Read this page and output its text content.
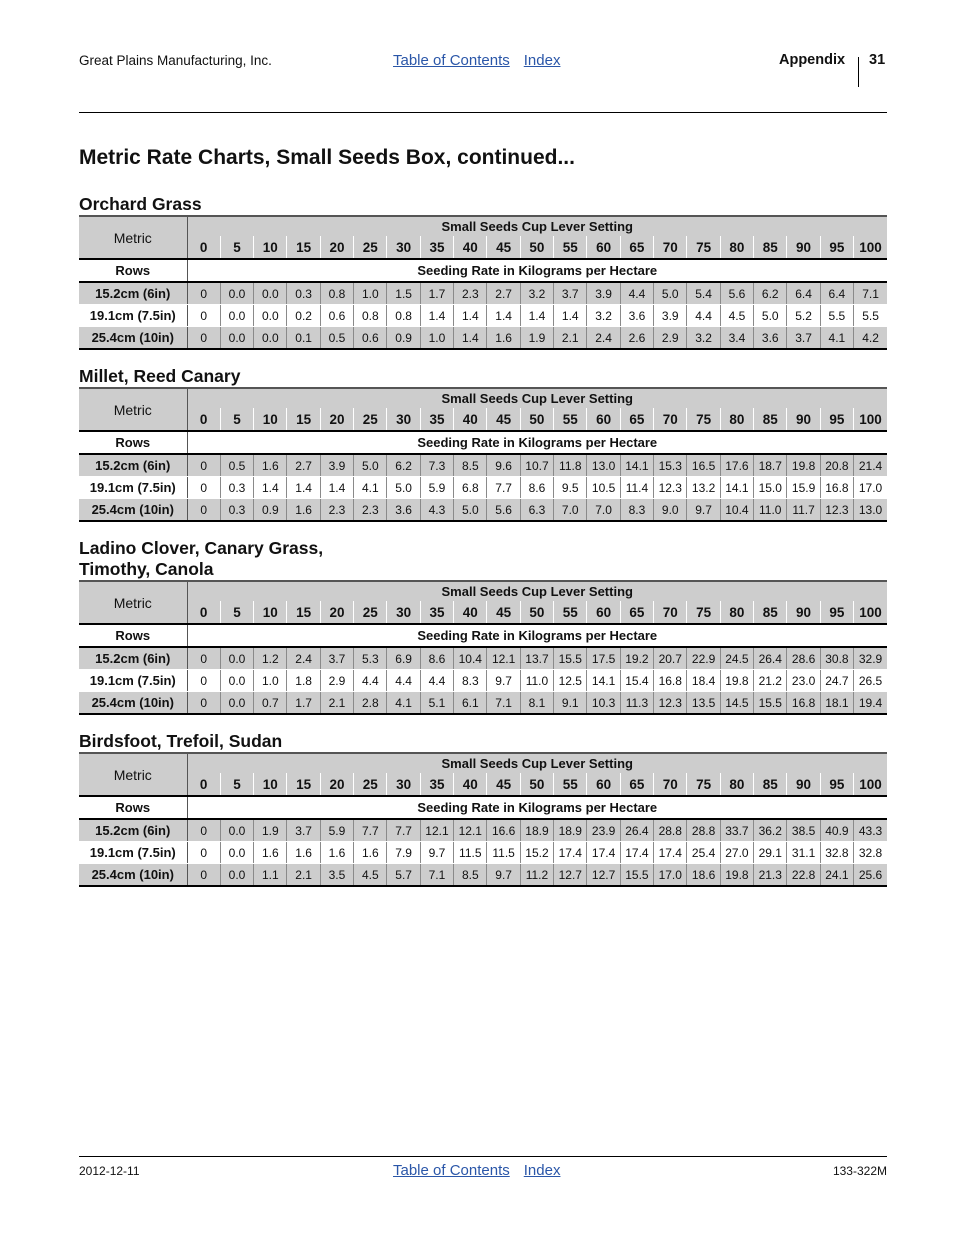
Great Plains Manufacturing, Inc.	Table of Contents Index	Appendix 31
Metric Rate Charts, Small Seeds Box, continued...
Orchard Grass
Metric	Small Seeds Cup Lever Setting																				
	0	5	10	15	20	25	30	35	40	45	50	55	60	65	70	75	80	85	90	95	100
Rows	Seeding Rate in Kilograms per Hectare																				
15.2cm (6in)	0	0.0	0.0	0.3	0.8	1.0	1.5	1.7	2.3	2.7	3.2	3.7	3.9	4.4	5.0	5.4	5.6	6.2	6.4	6.4	7.1
19.1cm (7.5in)	0	0.0	0.0	0.2	0.6	0.8	0.8	1.4	1.4	1.4	1.4	1.4	3.2	3.6	3.9	4.4	4.5	5.0	5.2	5.5	5.5
25.4cm (10in)	0	0.0	0.0	0.1	0.5	0.6	0.9	1.0	1.4	1.6	1.9	2.1	2.4	2.6	2.9	3.2	3.4	3.6	3.7	4.1	4.2
Millet, Reed Canary
Metric	Small Seeds Cup Lever Setting																				
	0	5	10	15	20	25	30	35	40	45	50	55	60	65	70	75	80	85	90	95	100
Rows	Seeding Rate in Kilograms per Hectare																				
15.2cm (6in)	0	0.5	1.6	2.7	3.9	5.0	6.2	7.3	8.5	9.6	10.7	11.8	13.0	14.1	15.3	16.5	17.6	18.7	19.8	20.8	21.4
19.1cm (7.5in)	0	0.3	1.4	1.4	1.4	4.1	5.0	5.9	6.8	7.7	8.6	9.5	10.5	11.4	12.3	13.2	14.1	15.0	15.9	16.8	17.0
25.4cm (10in)	0	0.3	0.9	1.6	2.3	2.3	3.6	4.3	5.0	5.6	6.3	7.0	7.0	8.3	9.0	9.7	10.4	11.0	11.7	12.3	13.0
Ladino Clover, Canary Grass,
Timothy, Canola
Metric	Small Seeds Cup Lever Setting																				
	0	5	10	15	20	25	30	35	40	45	50	55	60	65	70	75	80	85	90	95	100
Rows	Seeding Rate in Kilograms per Hectare																				
15.2cm (6in)	0	0.0	1.2	2.4	3.7	5.3	6.9	8.6	10.4	12.1	13.7	15.5	17.5	19.2	20.7	22.9	24.5	26.4	28.6	30.8	32.9
19.1cm (7.5in)	0	0.0	1.0	1.8	2.9	4.4	4.4	4.4	8.3	9.7	11.0	12.5	14.1	15.4	16.8	18.4	19.8	21.2	23.0	24.7	26.5
25.4cm (10in)	0	0.0	0.7	1.7	2.1	2.8	4.1	5.1	6.1	7.1	8.1	9.1	10.3	11.3	12.3	13.5	14.5	15.5	16.8	18.1	19.4
Birdsfoot, Trefoil, Sudan
Metric	Small Seeds Cup Lever Setting																				
	0	5	10	15	20	25	30	35	40	45	50	55	60	65	70	75	80	85	90	95	100
Rows	Seeding Rate in Kilograms per Hectare																				
15.2cm (6in)	0	0.0	1.9	3.7	5.9	7.7	7.7	12.1	12.1	16.6	18.9	18.9	23.9	26.4	28.8	28.8	33.7	36.2	38.5	40.9	43.3
19.1cm (7.5in)	0	0.0	1.6	1.6	1.6	1.6	7.9	9.7	11.5	11.5	15.2	17.4	17.4	17.4	17.4	25.4	27.0	29.1	31.1	32.8	32.8
25.4cm (10in)	0	0.0	1.1	2.1	3.5	4.5	5.7	7.1	8.5	9.7	11.2	12.7	12.7	15.5	17.0	18.6	19.8	21.3	22.8	24.1	25.6
2012-12-11	Table of Contents Index	133-322M
